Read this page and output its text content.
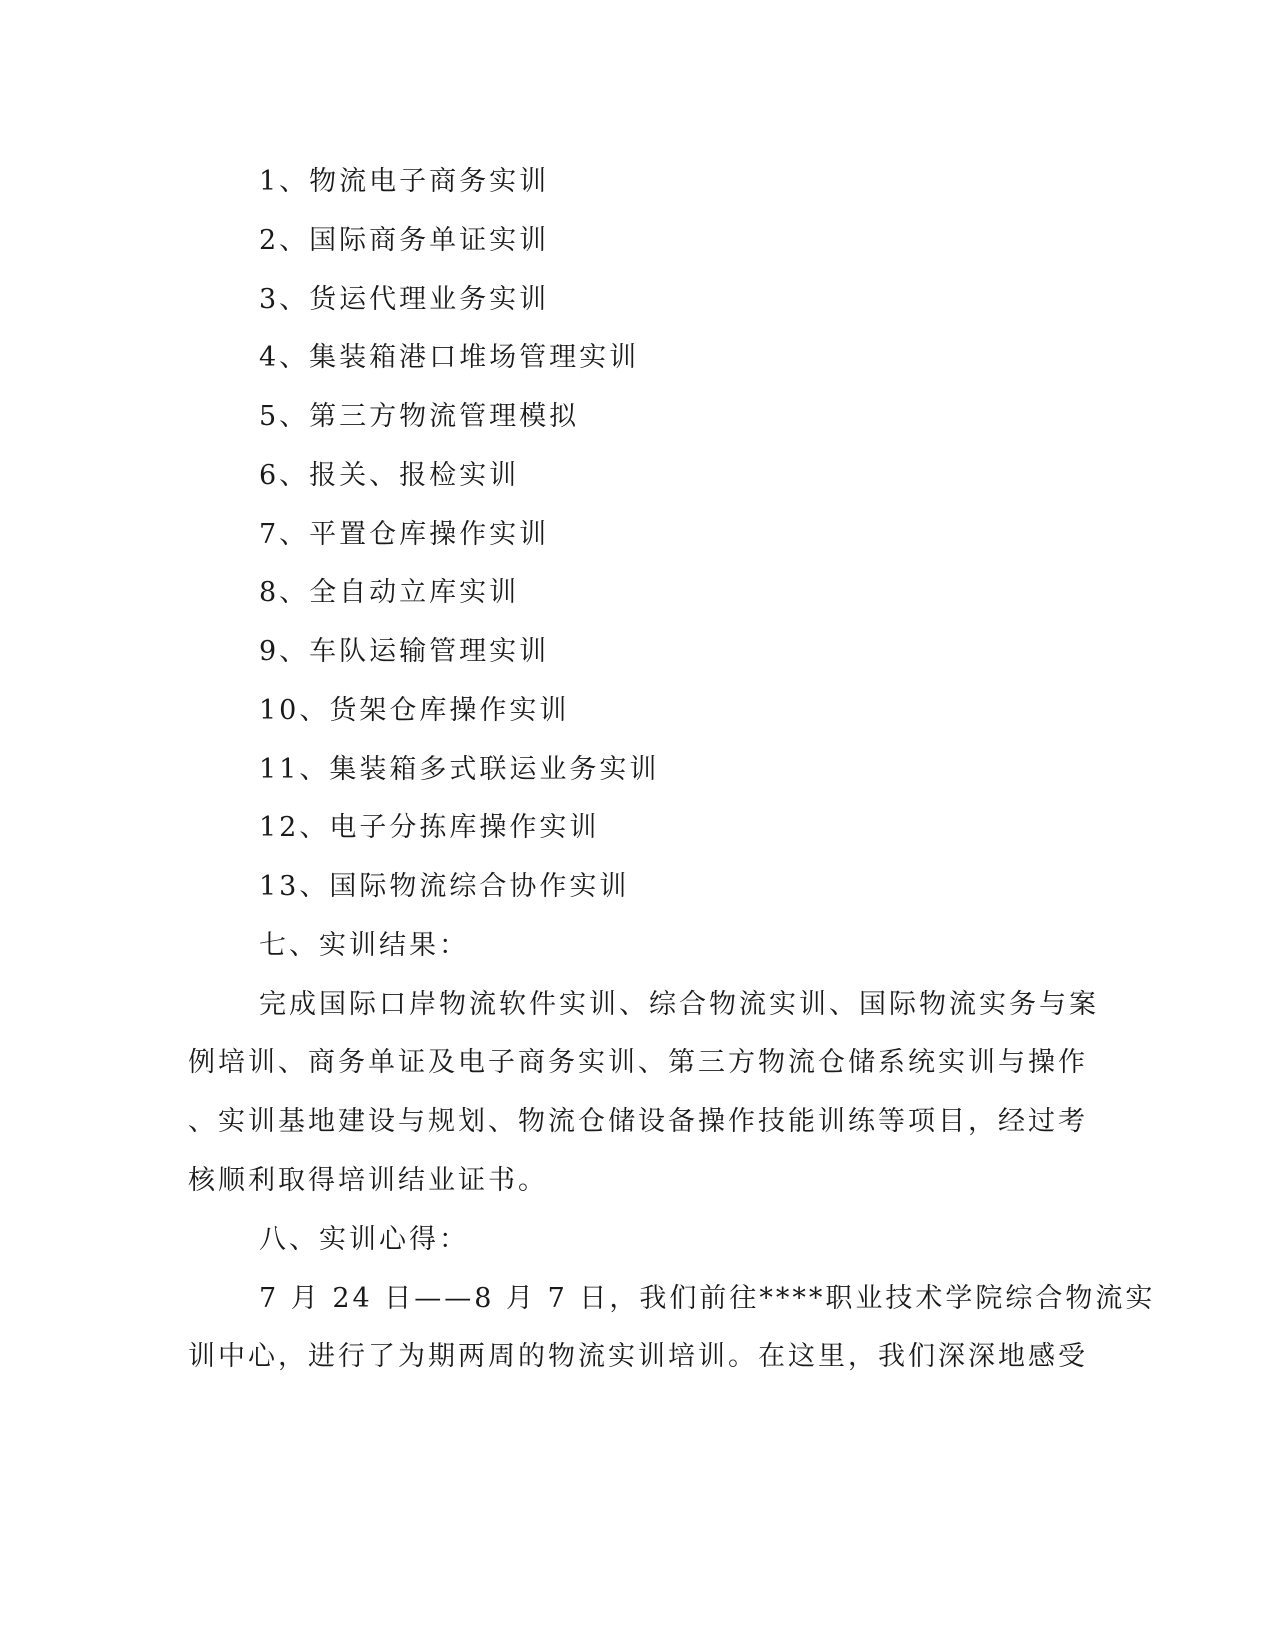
1、物流电子商务实训
2、国际商务单证实训
3、货运代理业务实训
4、集装箱港口堆场管理实训
5、第三方物流管理模拟
6、报关、报检实训
7、平置仓库操作实训
8、全自动立库实训
9、车队运输管理实训
10、货架仓库操作实训
11、集装箱多式联运业务实训
12、电子分拣库操作实训
13、国际物流综合协作实训
七、实训结果：
完成国际口岸物流软件实训、综合物流实训、国际物流实务与案
例培训、商务单证及电子商务实训、第三方物流仓储系统实训与操作
、实训基地建设与规划、物流仓储设备操作技能训练等项目，经过考
核顺利取得培训结业证书。
八、实训心得：
7 月 24 日——8 月 7 日，我们前往****职业技术学院综合物流实
训中心，进行了为期两周的物流实训培训。在这里，我们深深地感受
